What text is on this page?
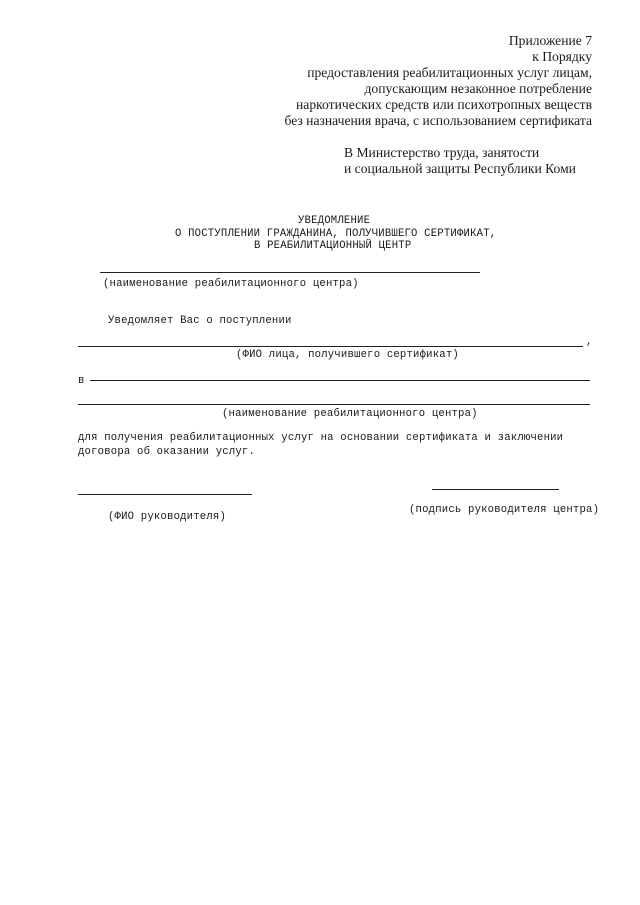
Приложение 7
к Порядку
предоставления реабилитационных услуг лицам,
допускающим незаконное потребление
наркотических средств или психотропных веществ
без назначения врача, с использованием сертификата
В Министерство труда, занятости
и социальной защиты Республики Коми
УВЕДОМЛЕНИЕ
О ПОСТУПЛЕНИИ ГРАЖДАНИНА, ПОЛУЧИВШЕГО СЕРТИФИКАТ,
В РЕАБИЛИТАЦИОННЫЙ ЦЕНТР
(наименование реабилитационного центра)
Уведомляет Вас о поступлении
,
(ФИО лица, получившего сертификат)
в
(наименование реабилитационного центра)
для получения реабилитационных услуг на основании сертификата и заключении
договора об оказании услуг.
(ФИО руководителя)
(подпись руководителя центра)
